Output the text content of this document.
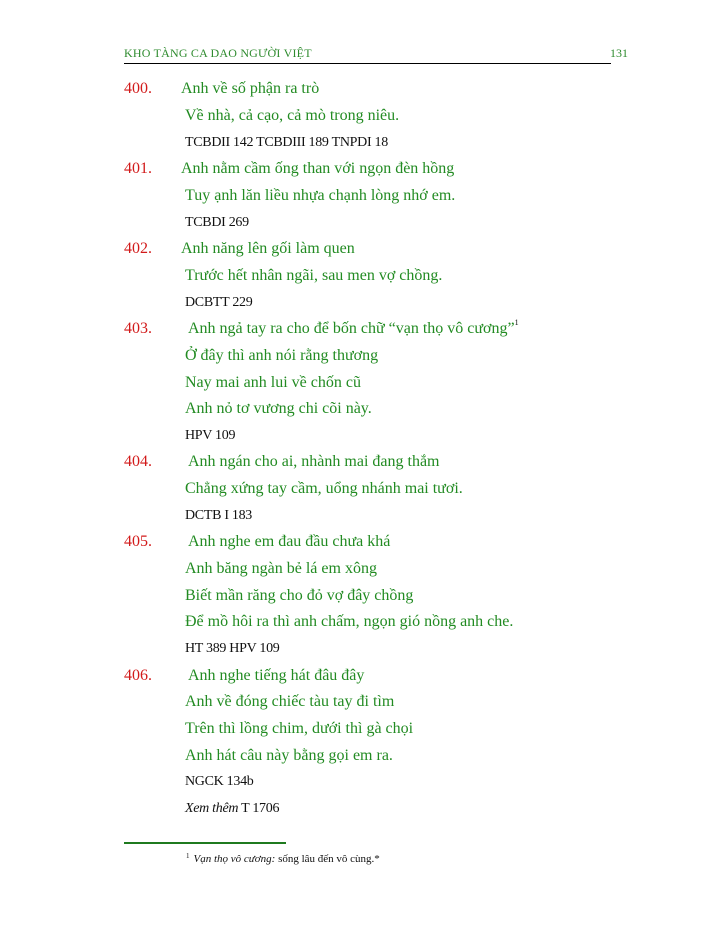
KHO TÀNG CA DAO NGƯỜI VIỆT	131
400. Anh về số phận ra trò
Về nhà, cả cạo, cả mò trong niêu.
TCBDII 142 TCBDIII 189 TNPDI 18
401. Anh nằm cầm ống than với ngọn đèn hồng
Tuy ạnh lăn liều nhựa chạnh lòng nhớ em.
TCBDI 269
402. Anh năng lên gối làm quen
Trước hết nhân ngãi, sau men vợ chồng.
DCBTT 229
403. Anh ngả tay ra cho để bốn chữ “vạn thọ vô cương”$^1$
Ở đây thì anh nói rằng thương
Nay mai anh lui về chốn cũ
Anh nỏ tơ vương chi cõi này.
HPV 109
404. Anh ngán cho ai, nhành mai đang thắm
Chẳng xứng tay cầm, uổng nhánh mai tươi.
DCTB I 183
405. Anh nghe em đau đầu chưa khá
Anh băng ngàn bẻ lá em xông
Biết mần răng cho đỏ vợ đây chồng
Để mồ hôi ra thì anh chấm, ngọn gió nồng anh che.
HT 389 HPV 109
406. Anh nghe tiếng hát đâu đây
Anh về đóng chiếc tàu tay đi tìm
Trên thì lồng chim, dưới thì gà chọi
Anh hát câu này bằng gọi em ra.
NGCK 134b
Xem thêm T 1706
$^1$ Vạn thọ vô cương: sống lâu đến vô cùng.*
